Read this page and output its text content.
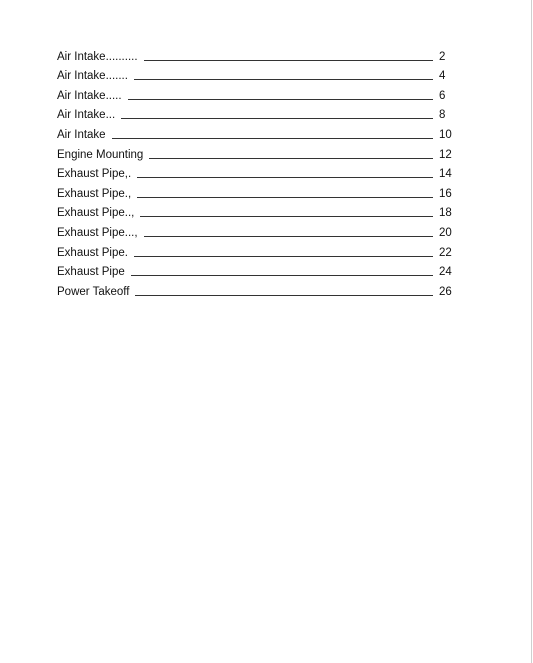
Air Intake..........	2
Air Intake.......	4
Air Intake.....	6
Air Intake...	8
Air Intake	10
Engine Mounting	12
Exhaust Pipe,.	14
Exhaust Pipe.,	16
Exhaust Pipe..,	18
Exhaust Pipe...,	20
Exhaust Pipe.	22
Exhaust Pipe	24
Power Takeoff	26
